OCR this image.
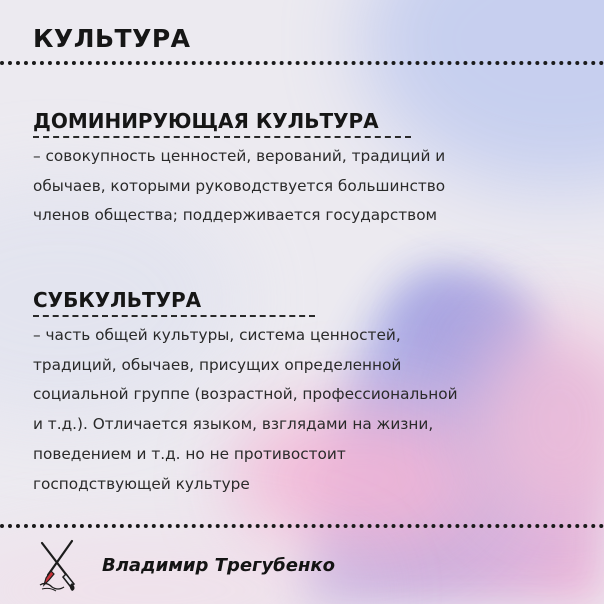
КУЛЬТУРА
ДОМИНИРУЮЩАЯ КУЛЬТУРА

– совокупность ценностей, верований, традиций и
обычаев, которыми руководствуется большинство
членов общества; поддерживается государством

СУБКУЛЬТУРА

– часть общей культуры, система ценностей,
традиций, обычаев, присущих определенной
социальной группе (возрастной, профессиональной
и т.д.). Отличается языком, взглядами на жизни,
поведением и т.д. но не противостоит
господствующей культуре

Владимир Трегубенко
